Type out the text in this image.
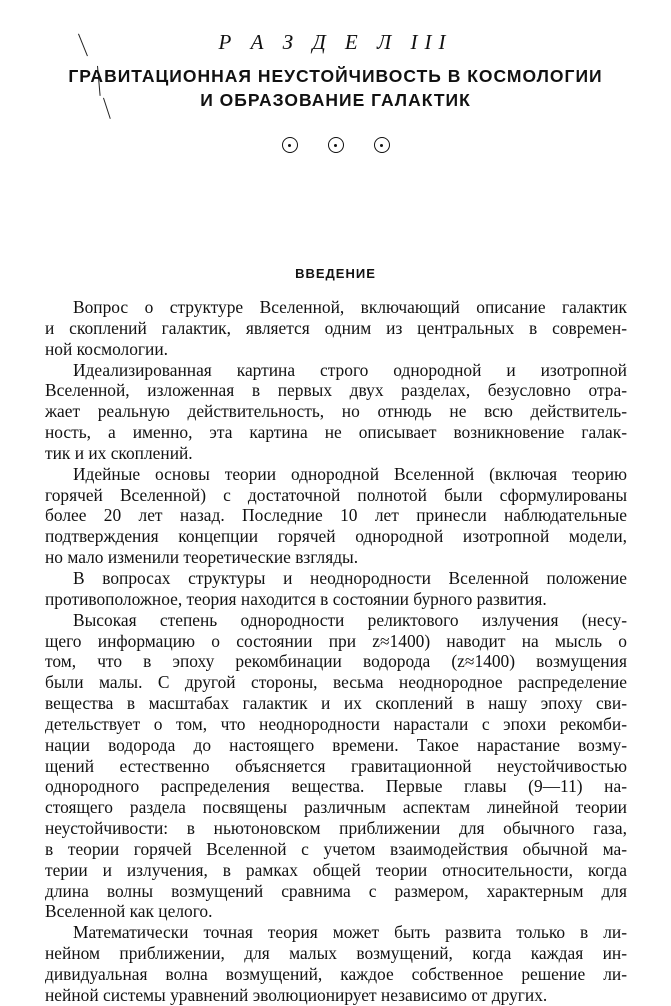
Р А З Д Е Л III
ГРАВИТАЦИОННАЯ НЕУСТОЙЧИВОСТЬ В КОСМОЛОГИИ
И ОБРАЗОВАНИЕ ГАЛАКТИК

ВВЕДЕНИЕ
Вопрос о структуре Вселенной, включающий описание галактик
и скоплений галактик, является одним из центральных в современ-
ной космологии.
Идеализированная картина строго однородной и изотропной
Вселенной, изложенная в первых двух разделах, безусловно отра-
жает реальную действительность, но отнюдь не всю действитель-
ность, а именно, эта картина не описывает возникновение галак-
тик и их скоплений.
Идейные основы теории однородной Вселенной (включая теорию
горячей Вселенной) с достаточной полнотой были сформулированы
более 20 лет назад. Последние 10 лет принесли наблюдательные
подтверждения концепции горячей однородной изотропной модели,
но мало изменили теоретические взгляды.
В вопросах структуры и неоднородности Вселенной положение
противоположное, теория находится в состоянии бурного развития.
Высокая степень однородности реликтового излучения (несу-
щего информацию о состоянии при z≈1400) наводит на мысль о
том, что в эпоху рекомбинации водорода (z≈1400) возмущения
были малы. С другой стороны, весьма неоднородное распределение
вещества в масштабах галактик и их скоплений в нашу эпоху сви-
детельствует о том, что неоднородности нарастали с эпохи рекомби-
нации водорода до настоящего времени. Такое нарастание возму-
щений естественно объясняется гравитационной неустойчивостью
однородного распределения вещества. Первые главы (9—11) на-
стоящего раздела посвящены различным аспектам линейной теории
неустойчивости: в ньютоновском приближении для обычного газа,
в теории горячей Вселенной с учетом взаимодействия обычной ма-
терии и излучения, в рамках общей теории относительности, когда
длина волны возмущений сравнима с размером, характерным для
Вселенной как целого.
Математически точная теория может быть развита только в ли-
нейном приближении, для малых возмущений, когда каждая ин-
дивидуальная волна возмущений, каждое собственное решение ли-
нейной системы уравнений эволюционирует независимо от других.
